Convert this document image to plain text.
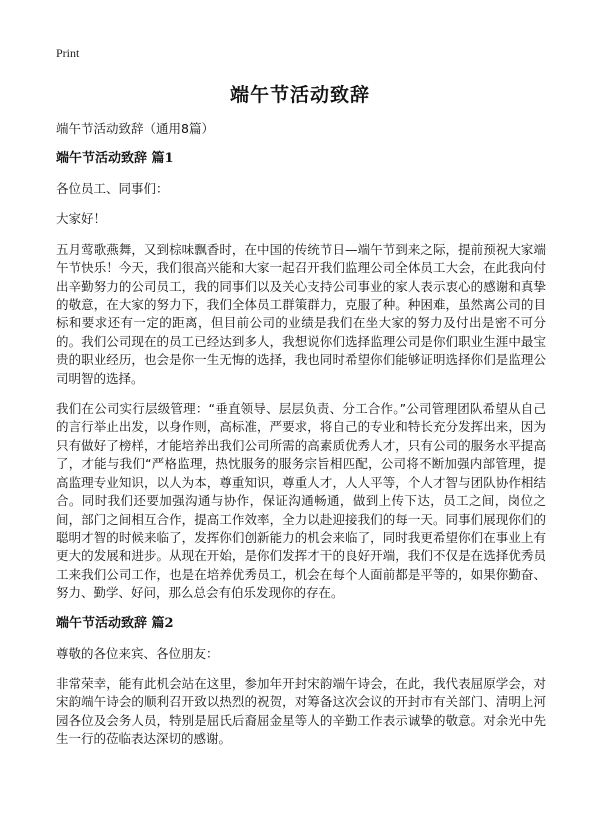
Print
端午节活动致辞

端午节活动致辞（通用8篇）

端午节活动致辞 篇1

各位员工、同事们：

大家好！

五月莺歌燕舞，又到棕味飘香时，在中国的传统节日—端午节到来之际，提前预祝大家端午节快乐！今天，我们很高兴能和大家一起召开我们监理公司全体员工大会，在此我向付出辛勤努力的公司员工，我的同事们以及关心支持公司事业的家人表示衷心的感谢和真挚的敬意，在大家的努力下，我们全体员工群策群力，克服了种。种困难，虽然离公司的目标和要求还有一定的距离，但目前公司的业绩是我们在坐大家的努力及付出是密不可分的。我们公司现在的员工已经达到多人，我想说你们选择监理公司是你们职业生涯中最宝贵的职业经历，也会是你一生无悔的选择，我也同时希望你们能够证明选择你们是监理公司明智的选择。

我们在公司实行层级管理：“垂直领导、层层负责、分工合作。”公司管理团队希望从自己的言行举止出发，以身作则，高标准，严要求，将自己的专业和特长充分发挥出来，因为只有做好了榜样，才能培养出我们公司所需的高素质优秀人才，只有公司的服务水平提高了，才能与我们“严格监理，热忱服务的服务宗旨相匹配，公司将不断加强内部管理，提高监理专业知识，以人为本，尊重知识，尊重人才，人人平等，个人才智与团队协作相结合。同时我们还要加强沟通与协作，保证沟通畅通，做到上传下达，员工之间，岗位之间，部门之间相互合作，提高工作效率，全力以赴迎接我们的每一天。同事们展现你们的聪明才智的时候来临了，发挥你们创新能力的机会来临了，同时我更希望你们在事业上有更大的发展和进步。从现在开始，是你们发挥才干的良好开端，我们不仅是在选择优秀员工来我们公司工作，也是在培养优秀员工，机会在每个人面前都是平等的，如果你勤奋、努力、勤学、好问，那么总会有伯乐发现你的存在。

端午节活动致辞 篇2

尊敬的各位来宾、各位朋友：

非常荣幸，能有此机会站在这里，参加年开封宋韵端午诗会，在此，我代表屈原学会，对宋韵端午诗会的顺利召开致以热烈的祝贺，对筹备这次会议的开封市有关部门、清明上河园各位及会务人员，特别是屈氏后裔屈金星等人的辛勤工作表示诚挚的敬意。对余光中先生一行的莅临表达深切的感谢。
